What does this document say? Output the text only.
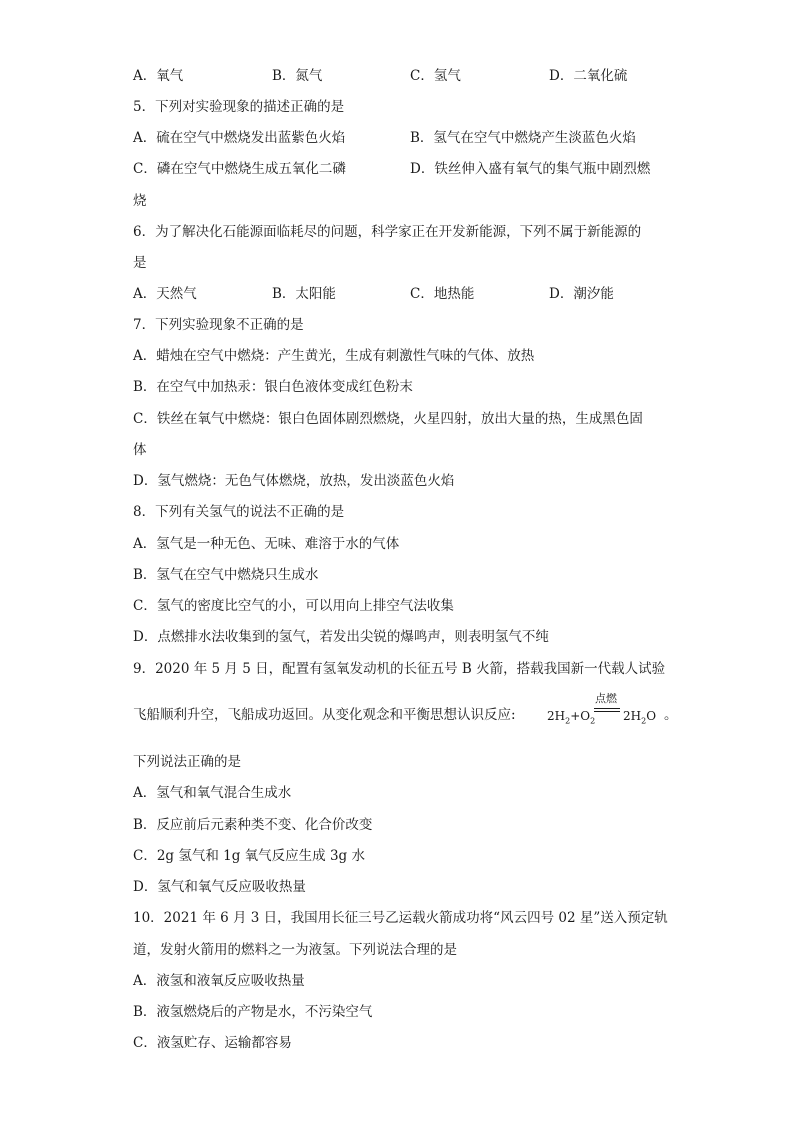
A．氧气	B．氮气	C．氢气	D．二氧化硫
5．下列对实验现象的描述正确的是
A．硫在空气中燃烧发出蓝紫色火焰	B．氢气在空气中燃烧产生淡蓝色火焰
C．磷在空气中燃烧生成五氧化二磷	D．铁丝伸入盛有氧气的集气瓶中剧烈燃
烧
6．为了解决化石能源面临耗尽的问题，科学家正在开发新能源，下列不属于新能源的
是
A．天然气	B．太阳能	C．地热能	D．潮汐能
7．下列实验现象不正确的是
A．蜡烛在空气中燃烧：产生黄光，生成有刺激性气味的气体、放热
B．在空气中加热汞：银白色液体变成红色粉末
C．铁丝在氧气中燃烧：银白色固体剧烈燃烧，火星四射，放出大量的热，生成黑色固
体
D．氢气燃烧：无色气体燃烧，放热，发出淡蓝色火焰
8．下列有关氢气的说法不正确的是
A．氢气是一种无色、无味、难溶于水的气体
B．氢气在空气中燃烧只生成水
C．氢气的密度比空气的小，可以用向上排空气法收集
D．点燃排水法收集到的氢气，若发出尖锐的爆鸣声，则表明氢气不纯
9．2020 年 5 月 5 日，配置有氢氧发动机的长征五号 B 火箭，搭载我国新一代载人试验
飞船顺利升空，飞船成功返回。从变化观念和平衡思想认识反应:	$2H_2+O_2$
点燃
$2H_2O$ 。
下列说法正确的是
A．氢气和氧气混合生成水
B．反应前后元素种类不变、化合价改变
C．2g 氢气和 1g 氧气反应生成 3g 水
D．氢气和氧气反应吸收热量
10．2021 年 6 月 3 日，我国用长征三号乙运载火箭成功将“风云四号 02 星”送入预定轨
道，发射火箭用的燃料之一为液氢。下列说法合理的是
A．液氢和液氧反应吸收热量
B．液氢燃烧后的产物是水，不污染空气
C．液氢贮存、运输都容易
